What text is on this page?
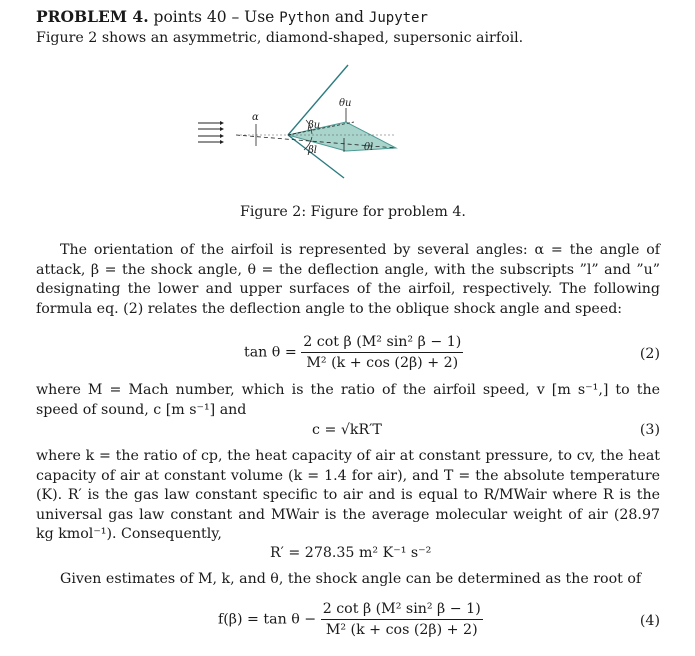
PROBLEM 4. points 40 – Use Python and Jupyter
Figure 2 shows an asymmetric, diamond-shaped, supersonic airfoil.
α
βu
βl
θu
θl
Figure 2: Figure for problem 4.
The orientation of the airfoil is represented by several angles: α = the angle of attack, β = the shock angle, θ = the deflection angle, with the subscripts ”l” and ”u” designating the lower and upper surfaces of the airfoil, respectively. The following formula eq. (2) relates the deflection angle to the oblique shock angle and speed:
$\tan \theta = \frac{\text{2 cot β (M² sin² β − 1)}}{\text{M² (k + cos (2β) + 2)}}$	(2)
where M = Mach number, which is the ratio of the airfoil speed, v [m s⁻¹,] to the speed of sound, c [m s⁻¹] and
c = √kR′T	(3)
where k = the ratio of cp, the heat capacity of air at constant pressure, to cv, the heat capacity of air at constant volume (k = 1.4 for air), and T = the absolute temperature (K). R′ is the gas law constant specific to air and is equal to R/MWair where R is the universal gas law constant and MWair is the average molecular weight of air (28.97 kg kmol⁻¹). Consequently,
R′ = 278.35 m² K⁻¹ s⁻²
Given estimates of M, k, and θ, the shock angle can be determined as the root of
$f(\beta) = \tan \theta - \frac{\text{2 cot β (M² sin² β − 1)}}{\text{M² (k + cos (2β) + 2)}}$	(4)
